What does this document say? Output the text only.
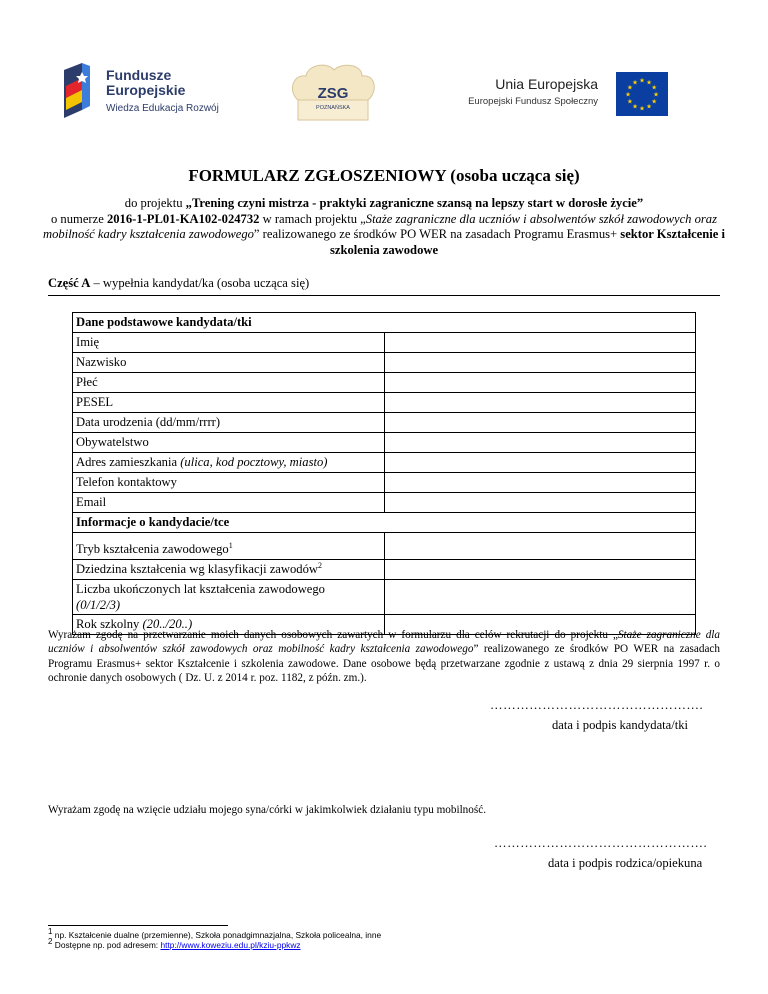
Fundusze
Europejskie
Wiedza Edukacja Rozwój
ZSG
POZNAŃSKA
Unia Europejska
Europejski Fundusz Społeczny
★ ★
★
★
★
★
★
★
★
★
★
★
FORMULARZ ZGŁOSZENIOWY (osoba ucząca się)
do projektu „Trening czyni mistrza - praktyki zagraniczne szansą na lepszy start w dorosłe życie”
o numerze 2016-1-PL01-KA102-024732 w ramach projektu „Staże zagraniczne dla uczniów i absolwentów szkół zawodowych oraz mobilność kadry kształcenia zawodowego” realizowanego ze środków PO WER na zasadach Programu Erasmus+ sektor Kształcenie i szkolenia zawodowe
Część A – wypełnia kandydat/ka (osoba ucząca się)
Dane podstawowe kandydata/tki	
Imię	
Nazwisko	
Płeć	
PESEL	
Data urodzenia (dd/mm/rrrr)	
Obywatelstwo	
Adres zamieszkania (ulica, kod pocztowy, miasto)	
Telefon kontaktowy	
Email	
Informacje o kandydacie/tce	
Tryb kształcenia zawodowego$^1$	
Dziedzina kształcenia wg klasyfikacji zawodów$^2$	
Liczba ukończonych lat kształcenia zawodowego
(0/1/2/3)	
Rok szkolny (20../20..)	
Wyrażam zgodę na przetwarzanie moich danych osobowych zawartych w formularzu dla celów rekrutacji do projektu „Staże zagraniczne dla uczniów i absolwentów szkół zawodowych oraz mobilność kadry kształcenia zawodowego” realizowanego ze środków PO WER na zasadach Programu Erasmus+ sektor Kształcenie i szkolenia zawodowe. Dane osobowe będą przetwarzane zgodnie z ustawą z dnia 29 sierpnia 1997 r. o ochronie danych osobowych ( Dz. U. z 2014 r. poz. 1182, z późn. zm.).
………………………………………….
data i podpis kandydata/tki
Wyrażam zgodę na wzięcie udziału mojego syna/córki w jakimkolwiek działaniu typu mobilność.
………………………………………….
data i podpis rodzica/opiekuna
$^1$ np. Kształcenie dualne (przemienne), Szkoła ponadgimnazjalna, Szkoła policealna, inne
$^2$ Dostępne np. pod adresem: http://www.koweziu.edu.pl/kziu-ppkwz
